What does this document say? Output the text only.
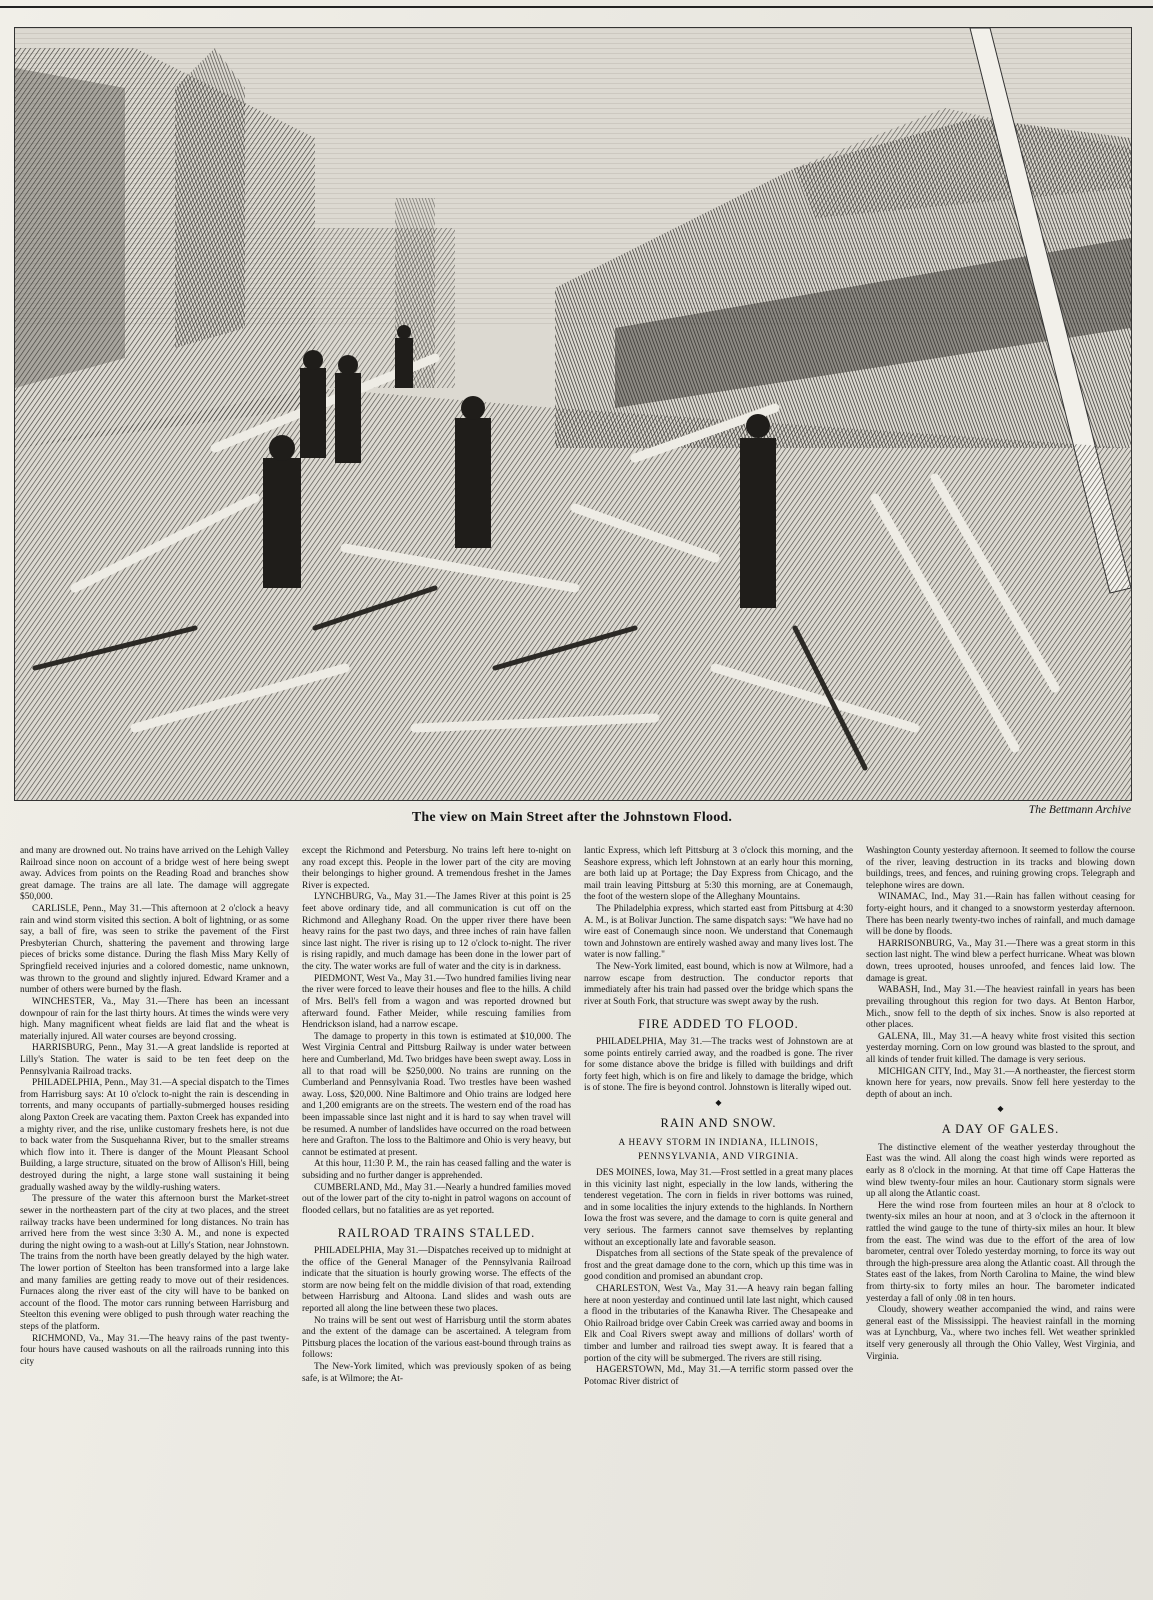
The view on Main Street after the Johnstown Flood.	The Bettmann Archive

and many are drowned out. No trains have arrived on the Lehigh Valley Railroad since noon on account of a bridge west of here being swept away. Advices from points on the Reading Road and branches show great damage. The trains are all late. The damage will aggregate $50,000.

CARLISLE, Penn., May 31.—This afternoon at 2 o'clock a heavy rain and wind storm visited this section. A bolt of lightning, or as some say, a ball of fire, was seen to strike the pavement of the First Presbyterian Church, shattering the pavement and throwing large pieces of bricks some distance. During the flash Miss Mary Kelly of Springfield received injuries and a colored domestic, name unknown, was thrown to the ground and slightly injured. Edward Kramer and a number of others were burned by the flash.

WINCHESTER, Va., May 31.—There has been an incessant downpour of rain for the last thirty hours. At times the winds were very high. Many magnificent wheat fields are laid flat and the wheat is materially injured. All water courses are beyond crossing.

HARRISBURG, Penn., May 31.—A great landslide is reported at Lilly's Station. The water is said to be ten feet deep on the Pennsylvania Railroad tracks.

PHILADELPHIA, Penn., May 31.—A special dispatch to the Times from Harrisburg says: At 10 o'clock to-night the rain is descending in torrents, and many occupants of partially-submerged houses residing along Paxton Creek are vacating them. Paxton Creek has expanded into a mighty river, and the rise, unlike customary freshets here, is not due to back water from the Susquehanna River, but to the smaller streams which flow into it. There is danger of the Mount Pleasant School Building, a large structure, situated on the brow of Allison's Hill, being destroyed during the night, a large stone wall sustaining it being gradually washed away by the wildly-rushing waters.

The pressure of the water this afternoon burst the Market-street sewer in the northeastern part of the city at two places, and the street railway tracks have been undermined for long distances. No train has arrived here from the west since 3:30 A. M., and none is expected during the night owing to a wash-out at Lilly's Station, near Johnstown. The trains from the north have been greatly delayed by the high water. The lower portion of Steelton has been transformed into a large lake and many families are getting ready to move out of their residences. Furnaces along the river east of the city will have to be banked on account of the flood. The motor cars running between Harrisburg and Steelton this evening were obliged to push through water reaching the steps of the platform.

RICHMOND, Va., May 31.—The heavy rains of the past twenty-four hours have caused washouts on all the railroads running into this city

except the Richmond and Petersburg. No trains left here to-night on any road except this. People in the lower part of the city are moving their belongings to higher ground. A tremendous freshet in the James River is expected.

LYNCHBURG, Va., May 31.—The James River at this point is 25 feet above ordinary tide, and all communication is cut off on the Richmond and Alleghany Road. On the upper river there have been heavy rains for the past two days, and three inches of rain have fallen since last night. The river is rising up to 12 o'clock to-night. The river is rising rapidly, and much damage has been done in the lower part of the city. The water works are full of water and the city is in darkness.

PIEDMONT, West Va., May 31.—Two hundred families living near the river were forced to leave their houses and flee to the hills. A child of Mrs. Bell's fell from a wagon and was reported drowned but afterward found. Father Meider, while rescuing families from Hendrickson island, had a narrow escape.

The damage to property in this town is estimated at $10,000. The West Virginia Central and Pittsburg Railway is under water between here and Cumberland, Md. Two bridges have been swept away. Loss in all to that road will be $250,000. No trains are running on the Cumberland and Pennsylvania Road. Two trestles have been washed away. Loss, $20,000. Nine Baltimore and Ohio trains are lodged here and 1,200 emigrants are on the streets. The western end of the road has been impassable since last night and it is hard to say when travel will be resumed. A number of landslides have occurred on the road between here and Grafton. The loss to the Baltimore and Ohio is very heavy, but cannot be estimated at present.

At this hour, 11:30 P. M., the rain has ceased falling and the water is subsiding and no further danger is apprehended.

CUMBERLAND, Md., May 31.—Nearly a hundred families moved out of the lower part of the city to-night in patrol wagons on account of flooded cellars, but no fatalities are as yet reported.

RAILROAD TRAINS STALLED.

PHILADELPHIA, May 31.—Dispatches received up to midnight at the office of the General Manager of the Pennsylvania Railroad indicate that the situation is hourly growing worse. The effects of the storm are now being felt on the middle division of that road, extending between Harrisburg and Altoona. Land slides and wash outs are reported all along the line between these two places.

No trains will be sent out west of Harrisburg until the storm abates and the extent of the damage can be ascertained. A telegram from Pittsburg places the location of the various east-bound through trains as follows:

The New-York limited, which was previously spoken of as being safe, is at Wilmore; the At-

lantic Express, which left Pittsburg at 3 o'clock this morning, and the Seashore express, which left Johnstown at an early hour this morning, are both laid up at Portage; the Day Express from Chicago, and the mail train leaving Pittsburg at 5:30 this morning, are at Conemaugh, the foot of the western slope of the Alleghany Mountains.

The Philadelphia express, which started east from Pittsburg at 4:30 A. M., is at Bolivar Junction. The same dispatch says: "We have had no wire east of Conemaugh since noon. We understand that Conemaugh town and Johnstown are entirely washed away and many lives lost. The water is now falling."

The New-York limited, east bound, which is now at Wilmore, had a narrow escape from destruction. The conductor reports that immediately after his train had passed over the bridge which spans the river at South Fork, that structure was swept away by the rush.

FIRE ADDED TO FLOOD.

PHILADELPHIA, May 31.—The tracks west of Johnstown are at some points entirely carried away, and the roadbed is gone. The river for some distance above the bridge is filled with buildings and drift forty feet high, which is on fire and likely to damage the bridge, which is of stone. The fire is beyond control. Johnstown is literally wiped out.

◆
RAIN AND SNOW.
A HEAVY STORM IN INDIANA, ILLINOIS, PENNSYLVANIA, AND VIRGINIA.

DES MOINES, Iowa, May 31.—Frost settled in a great many places in this vicinity last night, especially in the low lands, withering the tenderest vegetation. The corn in fields in river bottoms was ruined, and in some localities the injury extends to the highlands. In Northern Iowa the frost was severe, and the damage to corn is quite general and very serious. The farmers cannot save themselves by replanting without an exceptionally late and favorable season.

Dispatches from all sections of the State speak of the prevalence of frost and the great damage done to the corn, which up this time was in good condition and promised an abundant crop.

CHARLESTON, West Va., May 31.—A heavy rain began falling here at noon yesterday and continued until late last night, which caused a flood in the tributaries of the Kanawha River. The Chesapeake and Ohio Railroad bridge over Cabin Creek was carried away and booms in Elk and Coal Rivers swept away and millions of dollars' worth of timber and lumber and railroad ties swept away. It is feared that a portion of the city will be submerged. The rivers are still rising.

HAGERSTOWN, Md., May 31.—A terrific storm passed over the Potomac River district of

Washington County yesterday afternoon. It seemed to follow the course of the river, leaving destruction in its tracks and blowing down buildings, trees, and fences, and ruining growing crops. Telegraph and telephone wires are down.

WINAMAC, Ind., May 31.—Rain has fallen without ceasing for forty-eight hours, and it changed to a snowstorm yesterday afternoon. There has been nearly twenty-two inches of rainfall, and much damage will be done by floods.

HARRISONBURG, Va., May 31.—There was a great storm in this section last night. The wind blew a perfect hurricane. Wheat was blown down, trees uprooted, houses unroofed, and fences laid low. The damage is great.

WABASH, Ind., May 31.—The heaviest rainfall in years has been prevailing throughout this region for two days. At Benton Harbor, Mich., snow fell to the depth of six inches. Snow is also reported at other places.

GALENA, Ill., May 31.—A heavy white frost visited this section yesterday morning. Corn on low ground was blasted to the sprout, and all kinds of tender fruit killed. The damage is very serious.

MICHIGAN CITY, Ind., May 31.—A northeaster, the fiercest storm known here for years, now prevails. Snow fell here yesterday to the depth of about an inch.

◆
A DAY OF GALES.

The distinctive element of the weather yesterday throughout the East was the wind. All along the coast high winds were reported as early as 8 o'clock in the morning. At that time off Cape Hatteras the wind blew twenty-four miles an hour. Cautionary storm signals were up all along the Atlantic coast.

Here the wind rose from fourteen miles an hour at 8 o'clock to twenty-six miles an hour at noon, and at 3 o'clock in the afternoon it rattled the wind gauge to the tune of thirty-six miles an hour. It blew from the east. The wind was due to the effort of the area of low barometer, central over Toledo yesterday morning, to force its way out through the high-pressure area along the Atlantic coast. All through the States east of the lakes, from North Carolina to Maine, the wind blew from thirty-six to forty miles an hour. The barometer indicated yesterday a fall of only .08 in ten hours.

Cloudy, showery weather accompanied the wind, and rains were general east of the Mississippi. The heaviest rainfall in the morning was at Lynchburg, Va., where two inches fell. Wet weather sprinkled itself very generously all through the Ohio Valley, West Virginia, and Virginia.
